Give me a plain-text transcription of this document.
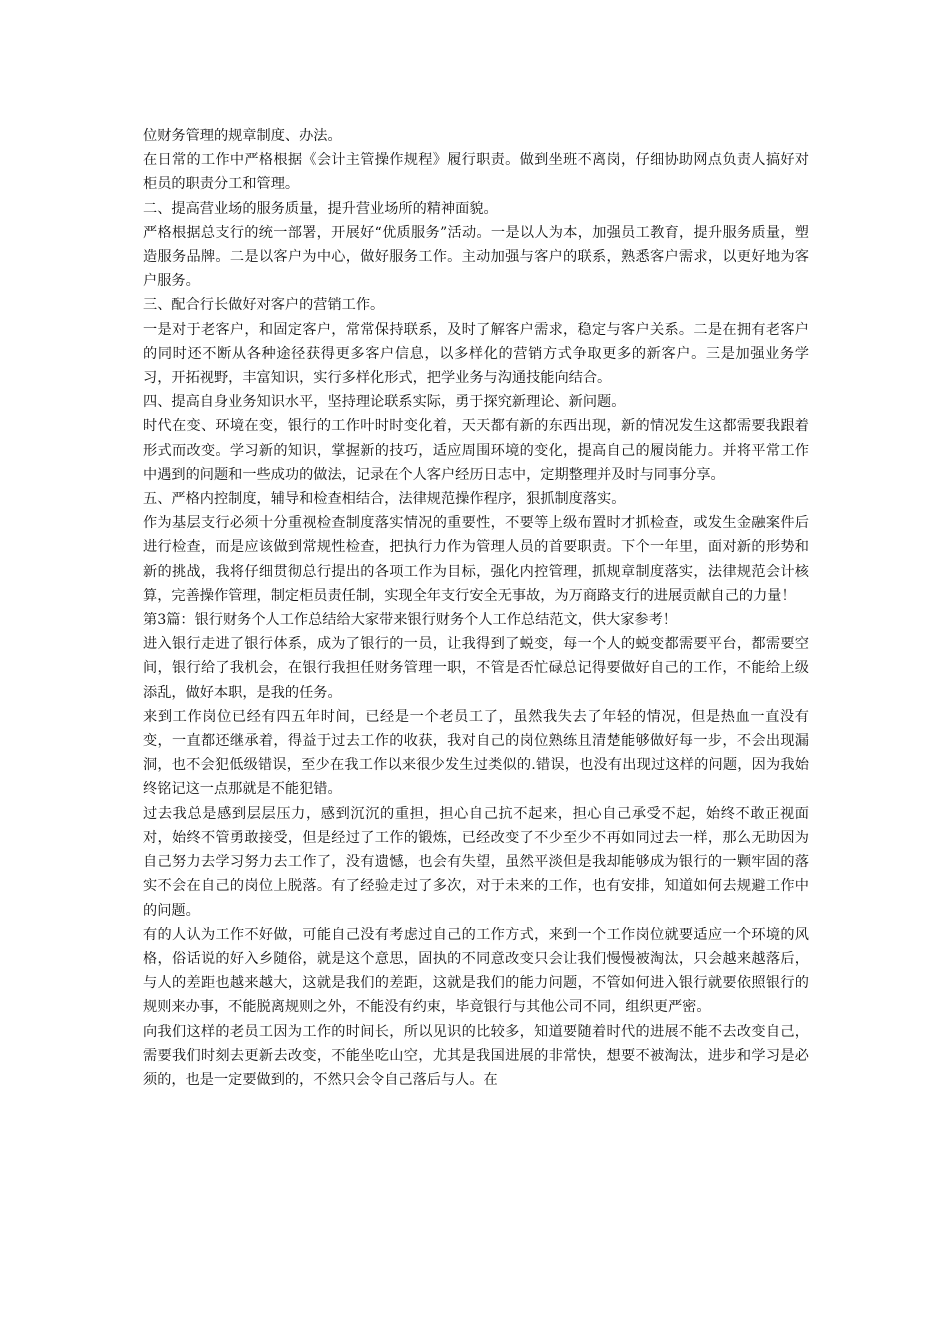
位财务管理的规章制度、办法。

在日常的工作中严格根据《会计主管操作规程》履行职责。做到坐班不离岗，仔细协助网点负责人搞好对柜员的职责分工和管理。

二、提高营业场的服务质量，提升营业场所的精神面貌。

严格根据总支行的统一部署，开展好“优质服务”活动。一是以人为本，加强员工教育，提升服务质量，塑造服务品牌。二是以客户为中心，做好服务工作。主动加强与客户的联系，熟悉客户需求，以更好地为客户服务。

三、配合行长做好对客户的营销工作。

一是对于老客户，和固定客户，常常保持联系，及时了解客户需求，稳定与客户关系。二是在拥有老客户的同时还不断从各种途径获得更多客户信息，以多样化的营销方式争取更多的新客户。三是加强业务学习，开拓视野，丰富知识，实行多样化形式，把学业务与沟通技能向结合。

四、提高自身业务知识水平，坚持理论联系实际，勇于探究新理论、新问题。

时代在变、环境在变，银行的工作叶时时变化着，天天都有新的东西出现，新的情况发生这都需要我跟着形式而改变。学习新的知识，掌握新的技巧，适应周围环境的变化，提高自己的履岗能力。并将平常工作中遇到的问题和一些成功的做法，记录在个人客户经历日志中，定期整理并及时与同事分享。

五、严格内控制度，辅导和检查相结合，法律规范操作程序，狠抓制度落实。

作为基层支行必须十分重视检查制度落实情况的重要性，不要等上级布置时才抓检查，或发生金融案件后进行检查，而是应该做到常规性检查，把执行力作为管理人员的首要职责。下个一年里，面对新的形势和新的挑战，我将仔细贯彻总行提出的各项工作为目标，强化内控管理，抓规章制度落实，法律规范会计核算，完善操作管理，制定柜员责任制，实现全年支行安全无事故，为万商路支行的进展贡献自己的力量！

第3篇：银行财务个人工作总结给大家带来银行财务个人工作总结范文，供大家参考！

进入银行走进了银行体系，成为了银行的一员，让我得到了蜕变，每一个人的蜕变都需要平台，都需要空间，银行给了我机会，在银行我担任财务管理一职，不管是否忙碌总记得要做好自己的工作，不能给上级添乱，做好本职，是我的任务。

来到工作岗位已经有四五年时间，已经是一个老员工了，虽然我失去了年轻的情况，但是热血一直没有变，一直都还继承着，得益于过去工作的收获，我对自己的岗位熟练且清楚能够做好每一步，不会出现漏洞，也不会犯低级错误，至少在我工作以来很少发生过类似的.错误，也没有出现过这样的问题，因为我始终铭记这一点那就是不能犯错。

过去我总是感到层层压力，感到沉沉的重担，担心自己抗不起来，担心自己承受不起，始终不敢正视面对，始终不管勇敢接受，但是经过了工作的锻炼，已经改变了不少至少不再如同过去一样，那么无助因为自己努力去学习努力去工作了，没有遗憾，也会有失望，虽然平淡但是我却能够成为银行的一颗牢固的落实不会在自己的岗位上脱落。有了经验走过了多次，对于未来的工作，也有安排，知道如何去规避工作中的问题。

有的人认为工作不好做，可能自己没有考虑过自己的工作方式，来到一个工作岗位就要适应一个环境的风格，俗话说的好入乡随俗，就是这个意思，固执的不同意改变只会让我们慢慢被淘汰，只会越来越落后，与人的差距也越来越大，这就是我们的差距，这就是我们的能力问题，不管如何进入银行就要依照银行的规则来办事，不能脱离规则之外，不能没有约束，毕竟银行与其他公司不同，组织更严密。

向我们这样的老员工因为工作的时间长，所以见识的比较多，知道要随着时代的进展不能不去改变自己，需要我们时刻去更新去改变，不能坐吃山空，尤其是我国进展的非常快，想要不被淘汰，进步和学习是必须的，也是一定要做到的，不然只会令自己落后与人。在
